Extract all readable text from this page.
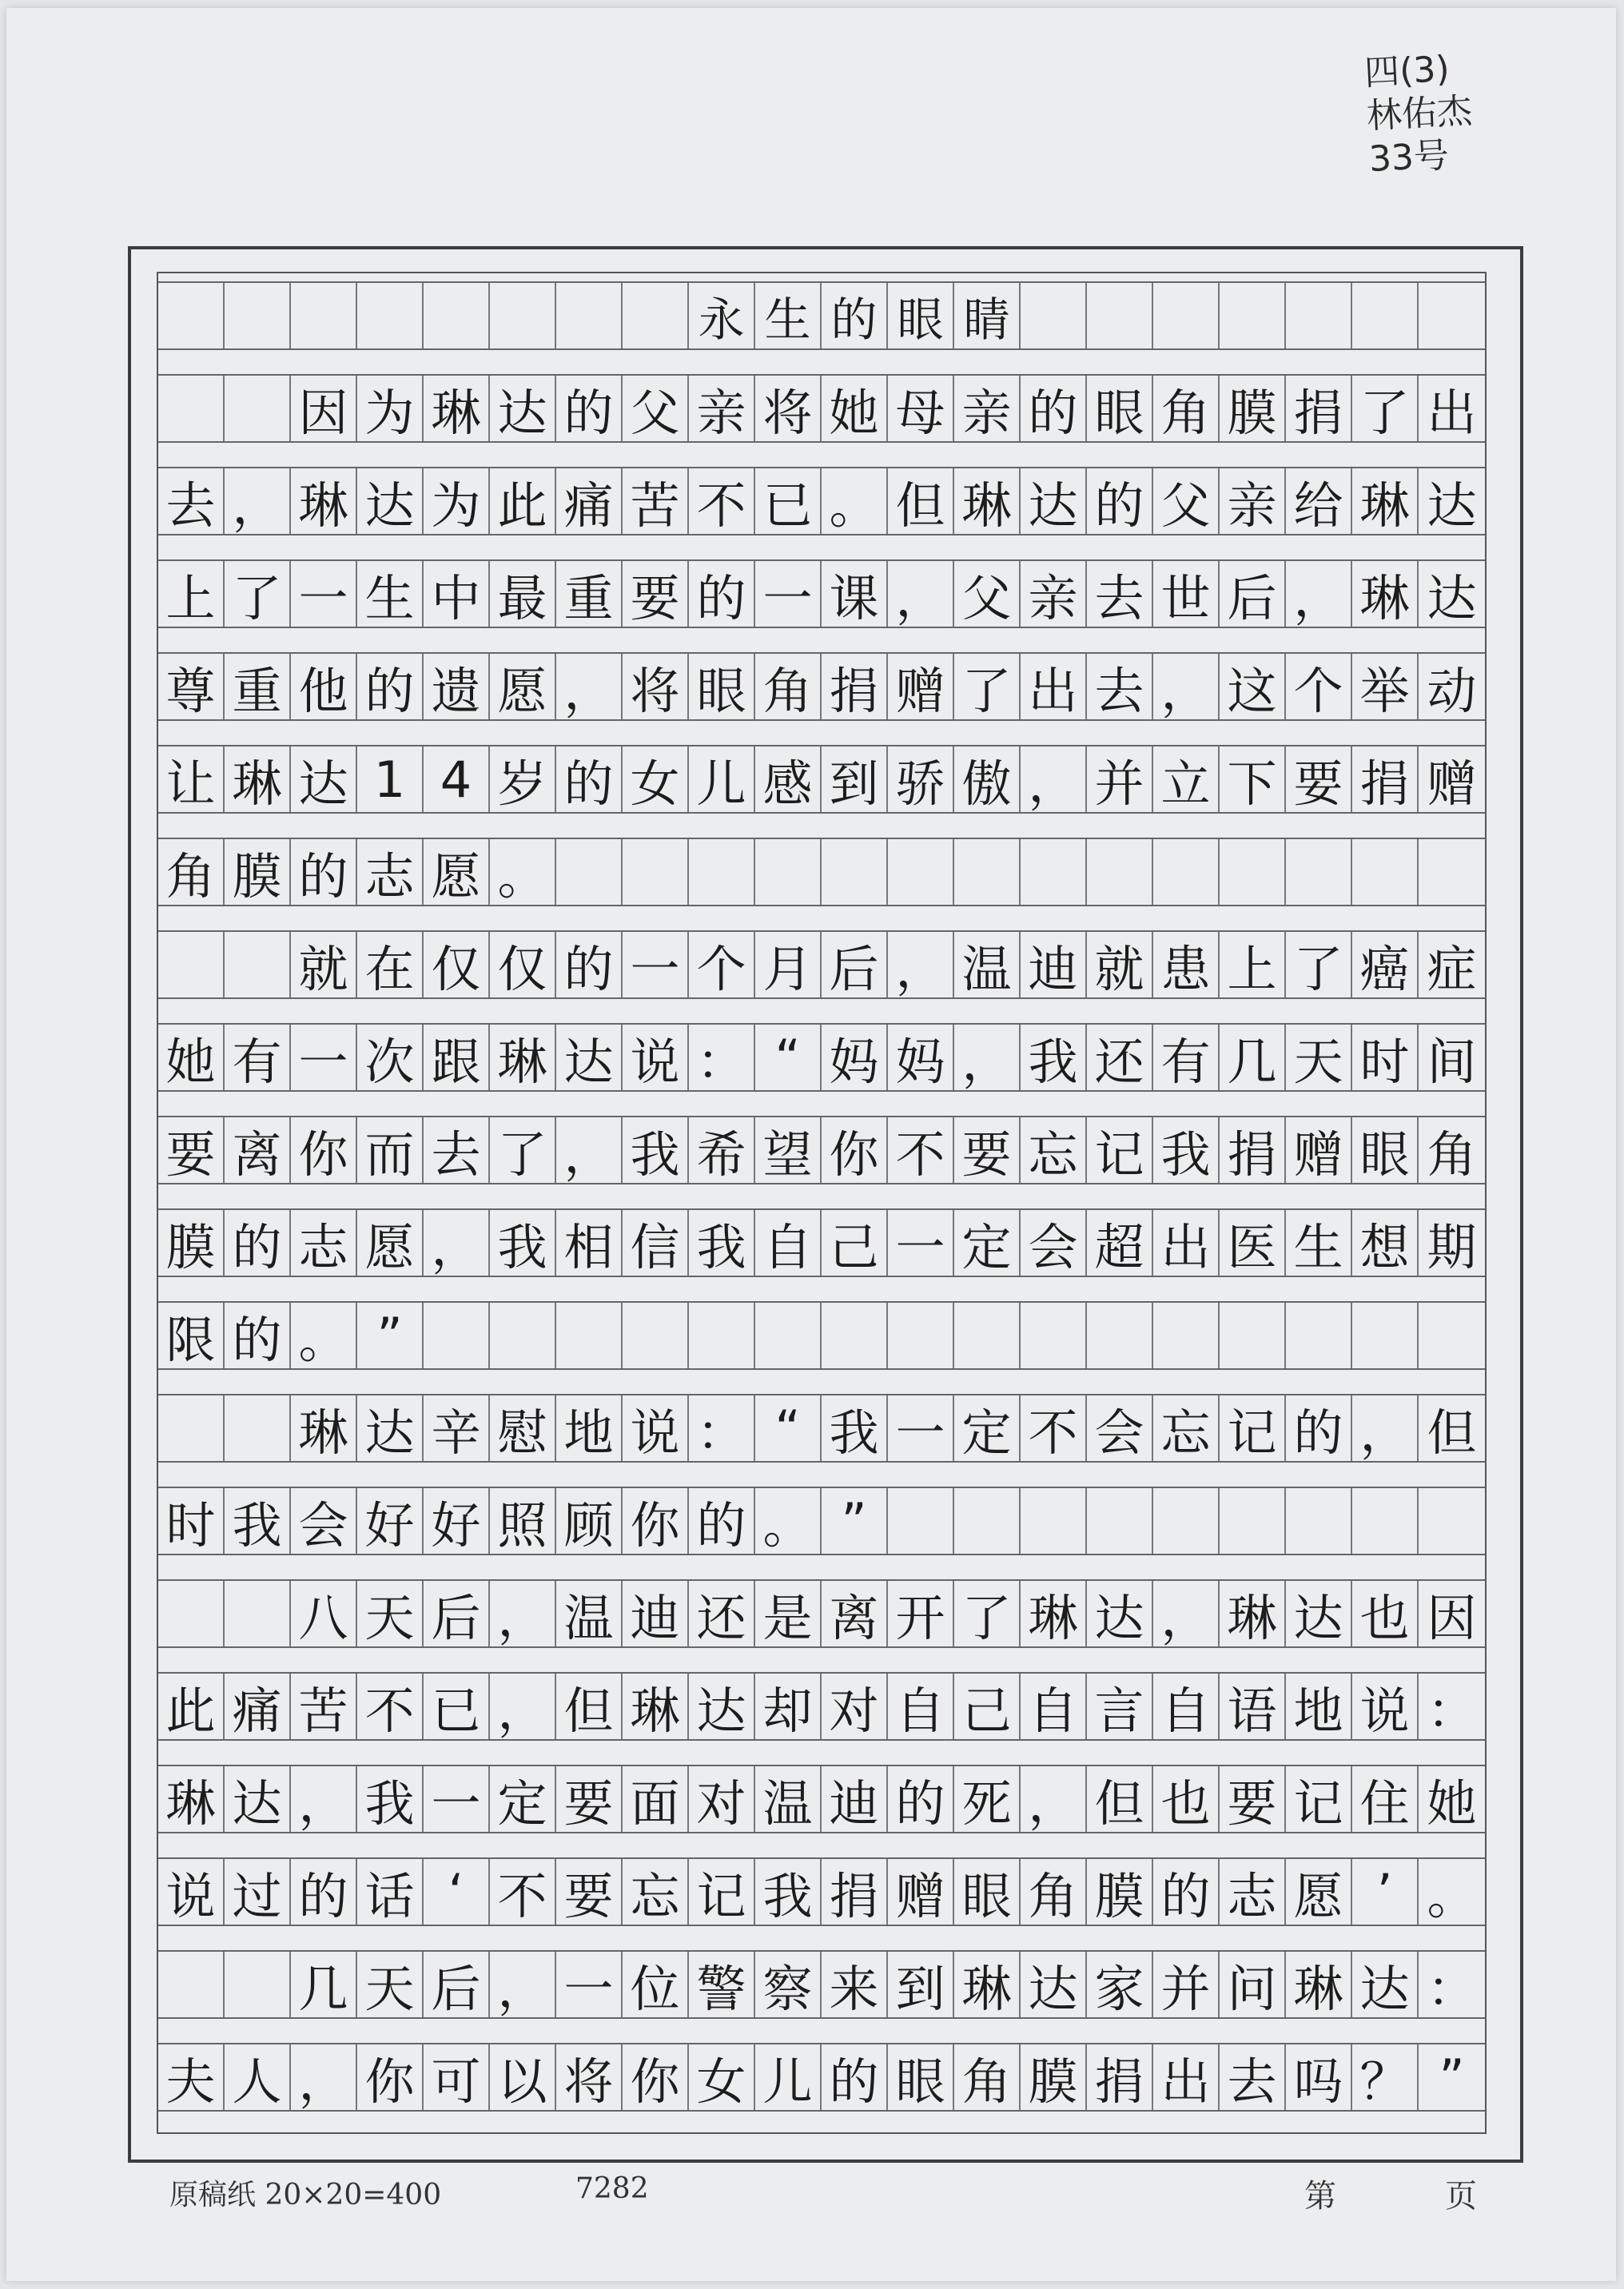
四(3)
林佑杰
33号
永 生 的 眼 睛
因 为 琳 达 的 父 亲 将 她 母 亲 的 眼 角 膜 捐 了 出
去 ， 琳 达 为 此 痛 苦 不 已 。 但 琳 达 的 父 亲 给 琳 达
上 了 一 生 中 最 重 要 的 一 课 ， 父 亲 去 世 后 ， 琳 达
尊 重 他 的 遗 愿 ， 将 眼 角 捐 赠 了 出 去 ， 这 个 举 动
让 琳 达 1 4 岁 的 女 儿 感 到 骄 傲 ， 并 立 下 要 捐 赠
角 膜 的 志 愿 。
就 在 仅 仅 的 一 个 月 后 ， 温 迪 就 患 上 了 癌 症
她 有 一 次 跟 琳 达 说 ： “ 妈 妈 ， 我 还 有 几 天 时 间
要 离 你 而 去 了 ， 我 希 望 你 不 要 忘 记 我 捐 赠 眼 角
膜 的 志 愿 ， 我 相 信 我 自 己 一 定 会 超 出 医 生 想 期
限 的 。 ”
琳 达 辛 慰 地 说 ： “ 我 一 定 不 会 忘 记 的 ， 但
时 我 会 好 好 照 顾 你 的 。 ”
八 天 后 ， 温 迪 还 是 离 开 了 琳 达 ， 琳 达 也 因
此 痛 苦 不 已 ， 但 琳 达 却 对 自 己 自 言 自 语 地 说 ：
琳 达 ， 我 一 定 要 面 对 温 迪 的 死 ， 但 也 要 记 住 她
说 过 的 话 ‘ 不 要 忘 记 我 捐 赠 眼 角 膜 的 志 愿 ’ 。
几 天 后 ， 一 位 警 察 来 到 琳 达 家 并 问 琳 达 ：
夫 人 ， 你 可 以 将 你 女 儿 的 眼 角 膜 捐 出 去 吗 ？ ”
原稿纸 20×20=400	7282	第	页
